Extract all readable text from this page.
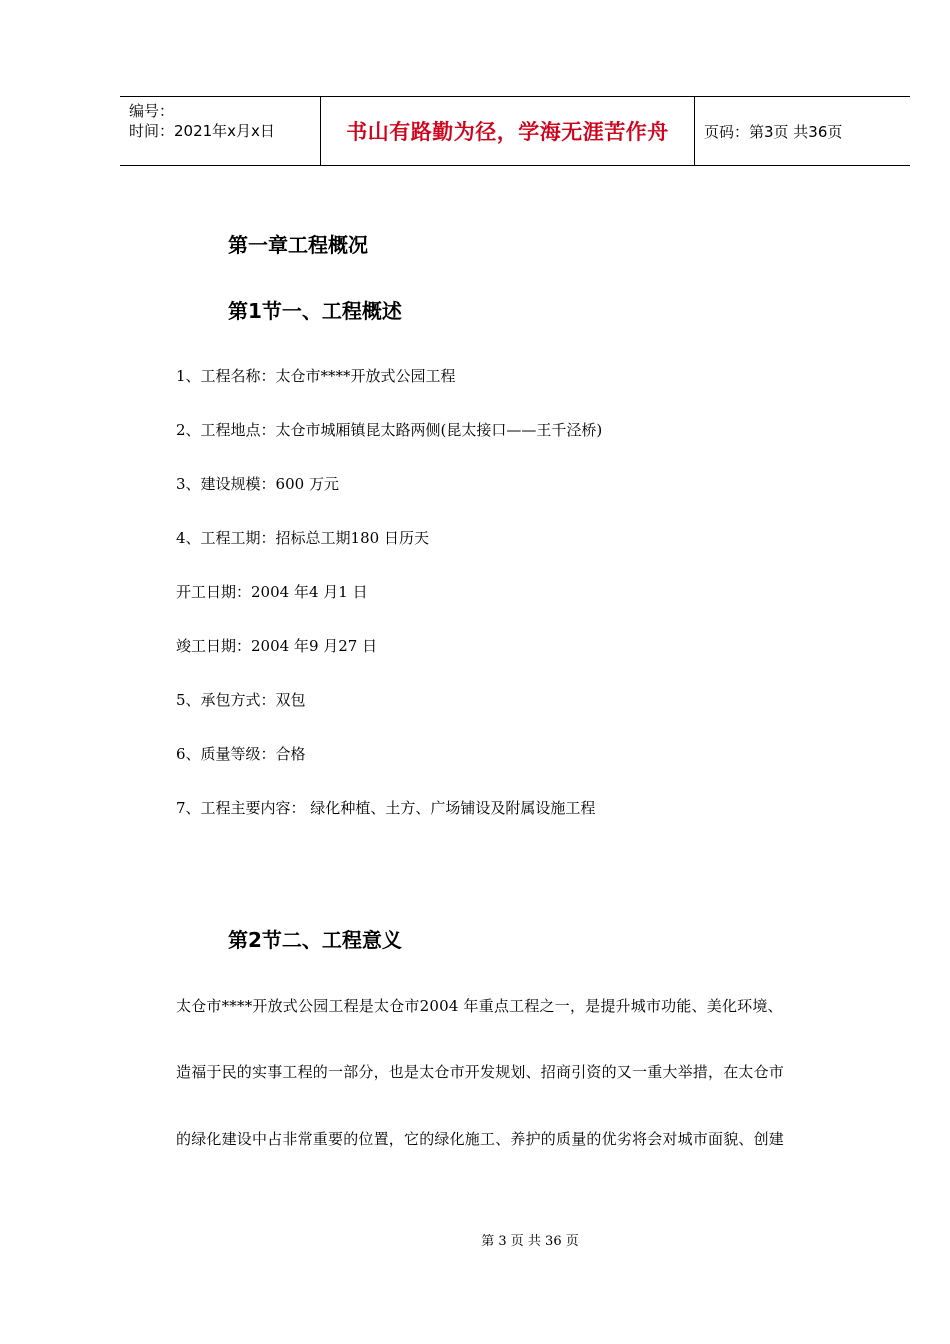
编号：
时间：2021年x月x日	书山有路勤为径，学海无涯苦作舟 页码：第3页 共36页
第一章工程概况
第1节一、工程概述
1、工程名称：太仓市****开放式公园工程
2、工程地点：太仓市城厢镇昆太路两侧(昆太接口——王千泾桥)
3、建设规模：600 万元
4、工程工期：招标总工期180 日历天
开工日期：2004 年4 月1 日
竣工日期：2004 年9 月27 日
5、承包方式：双包
6、质量等级：合格
7、工程主要内容： 绿化种植、土方、广场铺设及附属设施工程
第2节二、工程意义
太仓市****开放式公园工程是太仓市2004 年重点工程之一，是提升城市功能、美化环境、
造福于民的实事工程的一部分，也是太仓市开发规划、招商引资的又一重大举措，在太仓市
的绿化建设中占非常重要的位置，它的绿化施工、养护的质量的优劣将会对城市面貌、创建
第 3 页 共 36 页
